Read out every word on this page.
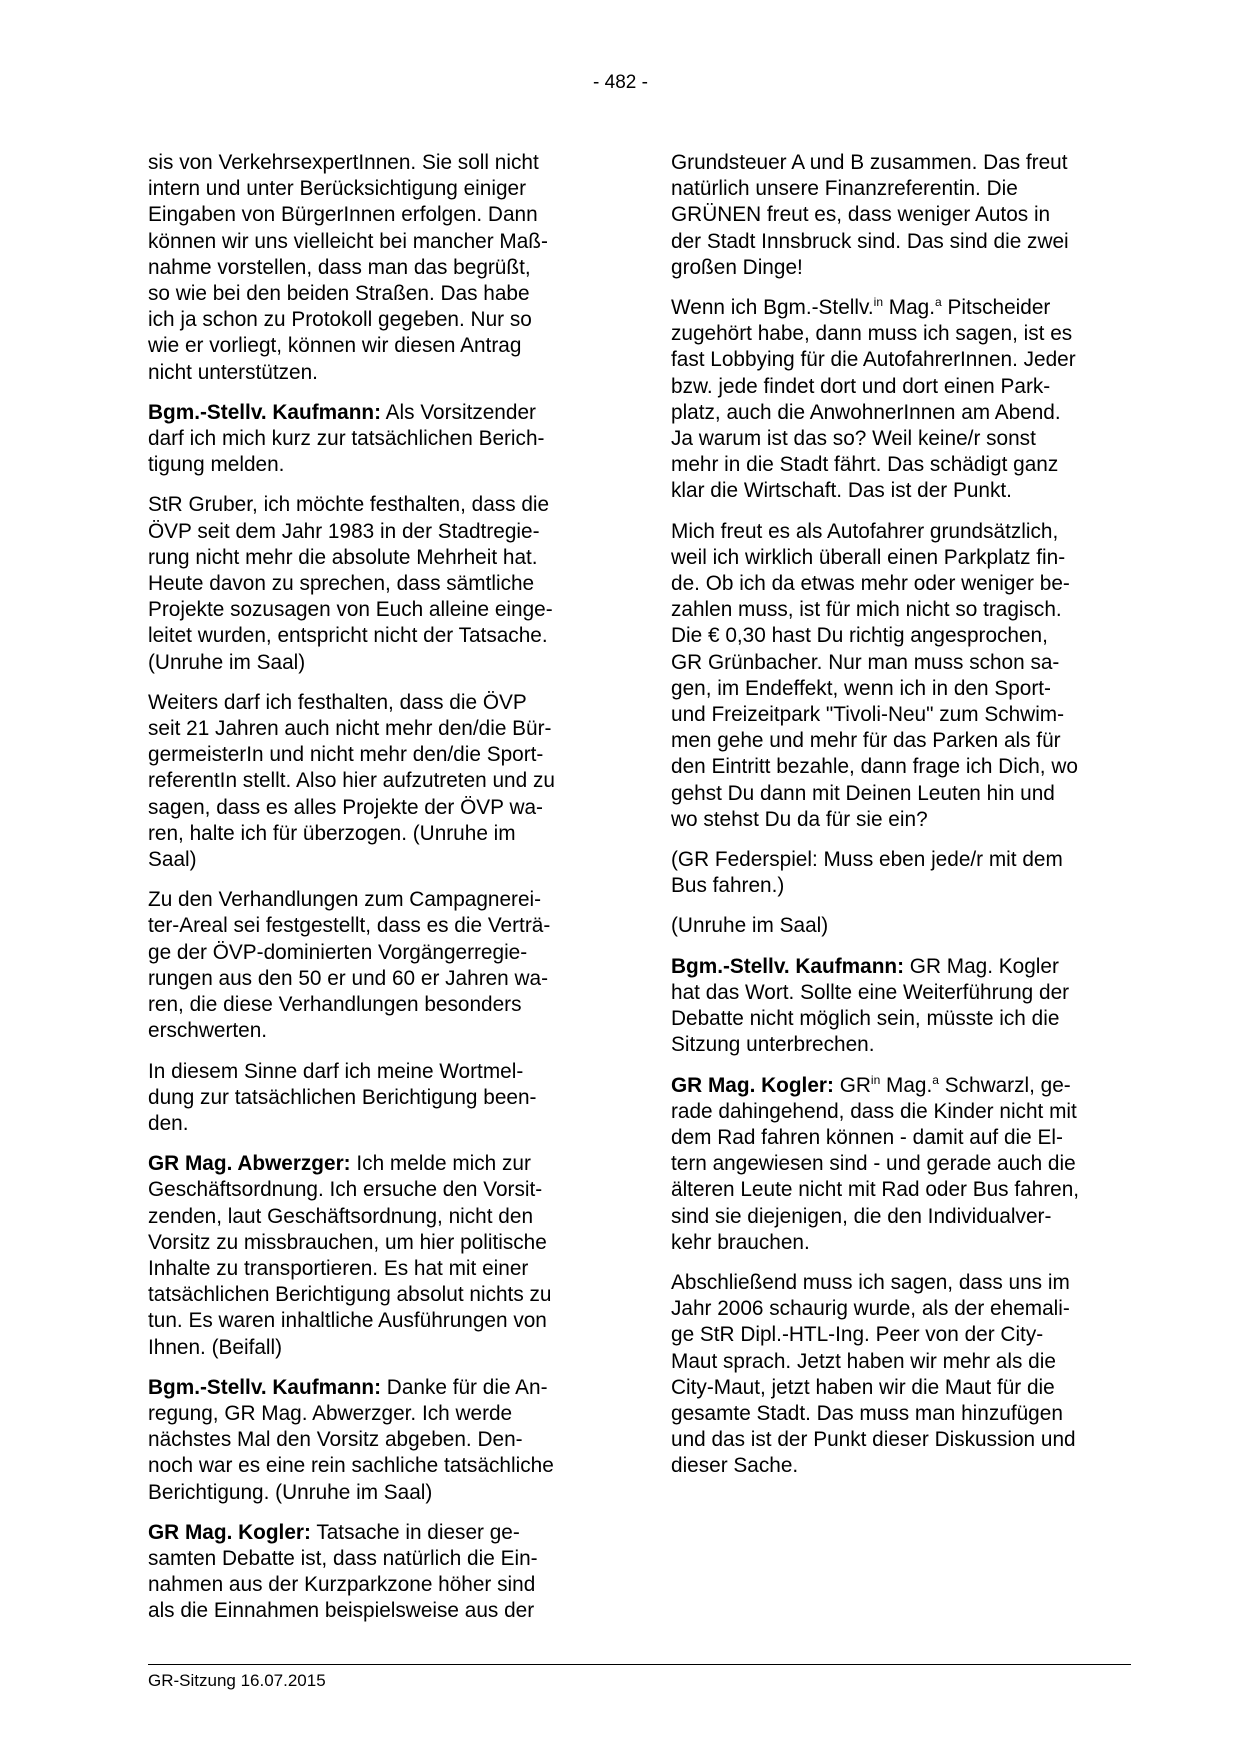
- 482 -

sis von VerkehrsexpertInnen. Sie soll nicht
intern und unter Berücksichtigung einiger
Eingaben von BürgerInnen erfolgen. Dann
können wir uns vielleicht bei mancher Maß-
nahme vorstellen, dass man das begrüßt,
so wie bei den beiden Straßen. Das habe
ich ja schon zu Protokoll gegeben. Nur so
wie er vorliegt, können wir diesen Antrag
nicht unterstützen.

Bgm.-Stellv. Kaufmann: Als Vorsitzender
darf ich mich kurz zur tatsächlichen Berich-
tigung melden.

StR Gruber, ich möchte festhalten, dass die
ÖVP seit dem Jahr 1983 in der Stadtregie-
rung nicht mehr die absolute Mehrheit hat.
Heute davon zu sprechen, dass sämtliche
Projekte sozusagen von Euch alleine einge-
leitet wurden, entspricht nicht der Tatsache.
(Unruhe im Saal)

Weiters darf ich festhalten, dass die ÖVP
seit 21 Jahren auch nicht mehr den/die Bür-
germeisterIn und nicht mehr den/die Sport-
referentIn stellt. Also hier aufzutreten und zu
sagen, dass es alles Projekte der ÖVP wa-
ren, halte ich für überzogen. (Unruhe im
Saal)

Zu den Verhandlungen zum Campagnerei-
ter-Areal sei festgestellt, dass es die Verträ-
ge der ÖVP-dominierten Vorgängerregie-
rungen aus den 50 er und 60 er Jahren wa-
ren, die diese Verhandlungen besonders
erschwerten.

In diesem Sinne darf ich meine Wortmel-
dung zur tatsächlichen Berichtigung been-
den.

GR Mag. Abwerzger: Ich melde mich zur
Geschäftsordnung. Ich ersuche den Vorsit-
zenden, laut Geschäftsordnung, nicht den
Vorsitz zu missbrauchen, um hier politische
Inhalte zu transportieren. Es hat mit einer
tatsächlichen Berichtigung absolut nichts zu
tun. Es waren inhaltliche Ausführungen von
Ihnen. (Beifall)

Bgm.-Stellv. Kaufmann: Danke für die An-
regung, GR Mag. Abwerzger. Ich werde
nächstes Mal den Vorsitz abgeben. Den-
noch war es eine rein sachliche tatsächliche
Berichtigung. (Unruhe im Saal)

GR Mag. Kogler: Tatsache in dieser ge-
samten Debatte ist, dass natürlich die Ein-
nahmen aus der Kurzparkzone höher sind
als die Einnahmen beispielsweise aus der

Grundsteuer A und B zusammen. Das freut
natürlich unsere Finanzreferentin. Die
GRÜNEN freut es, dass weniger Autos in
der Stadt Innsbruck sind. Das sind die zwei
großen Dinge!

Wenn ich Bgm.-Stellv.$^{in}$ Mag.$^a$ Pitscheider
zugehört habe, dann muss ich sagen, ist es
fast Lobbying für die AutofahrerInnen. Jeder
bzw. jede findet dort und dort einen Park-
platz, auch die AnwohnerInnen am Abend.
Ja warum ist das so? Weil keine/r sonst
mehr in die Stadt fährt. Das schädigt ganz
klar die Wirtschaft. Das ist der Punkt.

Mich freut es als Autofahrer grundsätzlich,
weil ich wirklich überall einen Parkplatz fin-
de. Ob ich da etwas mehr oder weniger be-
zahlen muss, ist für mich nicht so tragisch.
Die € 0,30 hast Du richtig angesprochen,
GR Grünbacher. Nur man muss schon sa-
gen, im Endeffekt, wenn ich in den Sport-
und Freizeitpark "Tivoli-Neu" zum Schwim-
men gehe und mehr für das Parken als für
den Eintritt bezahle, dann frage ich Dich, wo
gehst Du dann mit Deinen Leuten hin und
wo stehst Du da für sie ein?

(GR Federspiel: Muss eben jede/r mit dem
Bus fahren.)

(Unruhe im Saal)

Bgm.-Stellv. Kaufmann: GR Mag. Kogler
hat das Wort. Sollte eine Weiterführung der
Debatte nicht möglich sein, müsste ich die
Sitzung unterbrechen.

GR Mag. Kogler: $GR^{in}$ Mag.$^a$ Schwarzl, ge-
rade dahingehend, dass die Kinder nicht mit
dem Rad fahren können - damit auf die El-
tern angewiesen sind - und gerade auch die
älteren Leute nicht mit Rad oder Bus fahren,
sind sie diejenigen, die den Individualver-
kehr brauchen.

Abschließend muss ich sagen, dass uns im
Jahr 2006 schaurig wurde, als der ehemali-
ge StR Dipl.-HTL-Ing. Peer von der City-
Maut sprach. Jetzt haben wir mehr als die
City-Maut, jetzt haben wir die Maut für die
gesamte Stadt. Das muss man hinzufügen
und das ist der Punkt dieser Diskussion und
dieser Sache.

GR-Sitzung 16.07.2015
